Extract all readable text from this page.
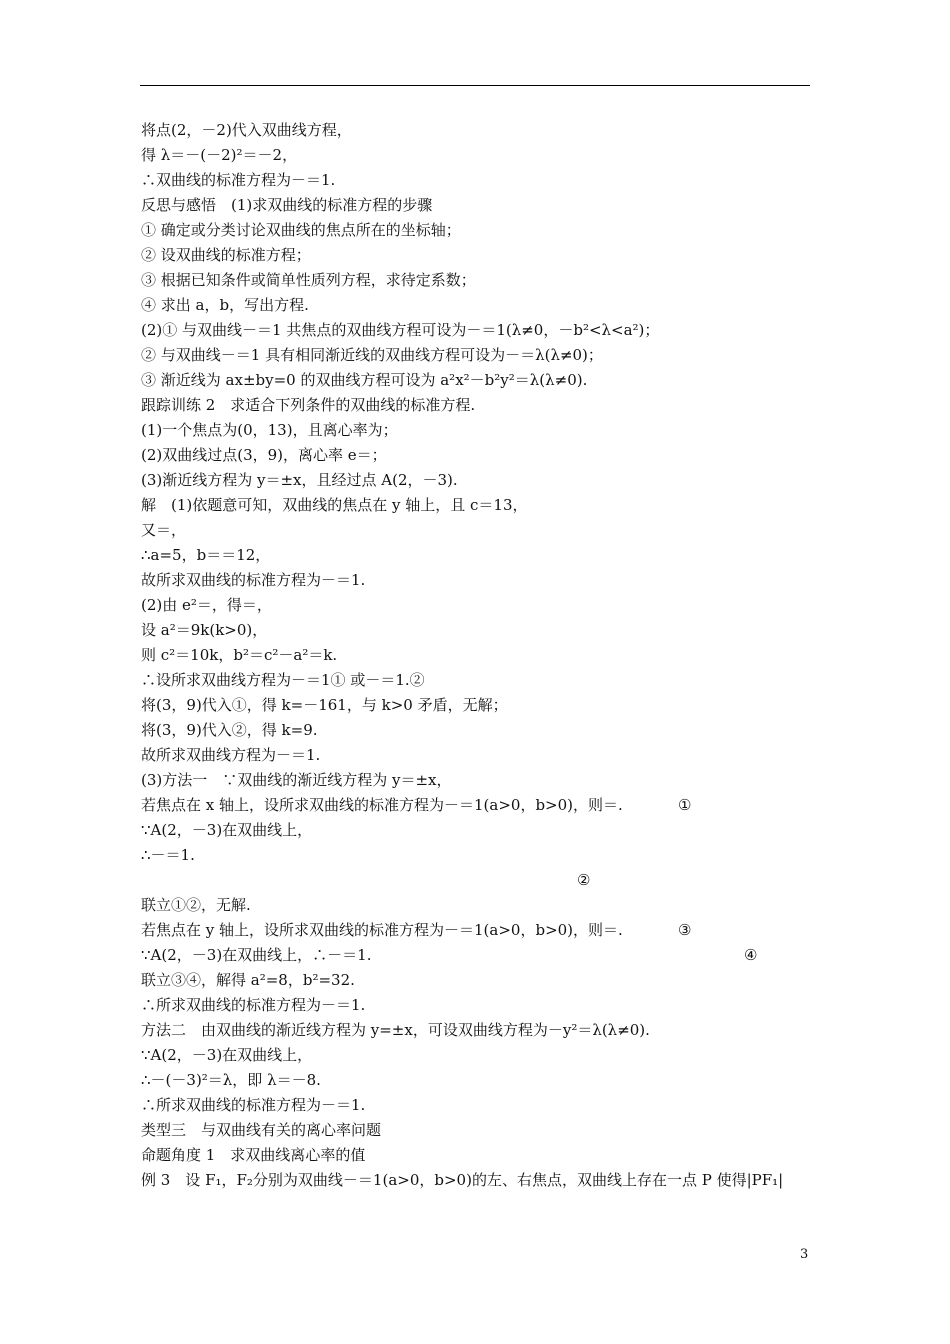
将点(2，－2)代入双曲线方程，
得 λ＝－(－2)²＝－2，
∴双曲线的标准方程为－＝1.
反思与感悟　(1)求双曲线的标准方程的步骤
① 确定或分类讨论双曲线的焦点所在的坐标轴；
② 设双曲线的标准方程；
③ 根据已知条件或简单性质列方程，求待定系数；
④ 求出 a，b，写出方程.
(2)① 与双曲线－＝1 共焦点的双曲线方程可设为－＝1(λ≠0，－b²<λ<a²)；
② 与双曲线－＝1 具有相同渐近线的双曲线方程可设为－＝λ(λ≠0)；
③ 渐近线为 ax±by=0 的双曲线方程可设为 a²x²－b²y²＝λ(λ≠0).
跟踪训练 2　求适合下列条件的双曲线的标准方程.
(1)一个焦点为(0，13)，且离心率为；
(2)双曲线过点(3，9)，离心率 e＝；
(3)渐近线方程为 y＝±x，且经过点 A(2，－3).
解　(1)依题意可知，双曲线的焦点在 y 轴上，且 c＝13，
又＝，
∴a=5，b＝＝12，
故所求双曲线的标准方程为－＝1.
(2)由 e²＝，得＝，
设 a²＝9k(k>0)，
则 c²＝10k，b²＝c²－a²＝k.
∴设所求双曲线方程为－＝1① 或－＝1.②
将(3，9)代入①，得 k=－161，与 k>0 矛盾，无解；
将(3，9)代入②，得 k=9.
故所求双曲线方程为－＝1.
(3)方法一　∵双曲线的渐近线方程为 y＝±x，
若焦点在 x 轴上，设所求双曲线的标准方程为－＝1(a>0，b>0)，则＝.	①
∵A(2，－3)在双曲线上，
∴－＝1.
②
联立①②，无解.
若焦点在 y 轴上，设所求双曲线的标准方程为－＝1(a>0，b>0)，则＝.	③
∵A(2，－3)在双曲线上，∴－＝1.	④
联立③④，解得 a²=8，b²=32.
∴所求双曲线的标准方程为－＝1.
方法二　由双曲线的渐近线方程为 y=±x，可设双曲线方程为－y²＝λ(λ≠0).
∵A(2，－3)在双曲线上，
∴－(－3)²＝λ，即 λ＝－8.
∴所求双曲线的标准方程为－＝1.
类型三　与双曲线有关的离心率问题
命题角度 1　求双曲线离心率的值
例 3　设 F₁，F₂分别为双曲线－＝1(a>0，b>0)的左、右焦点，双曲线上存在一点 P 使得|PF₁|
3
